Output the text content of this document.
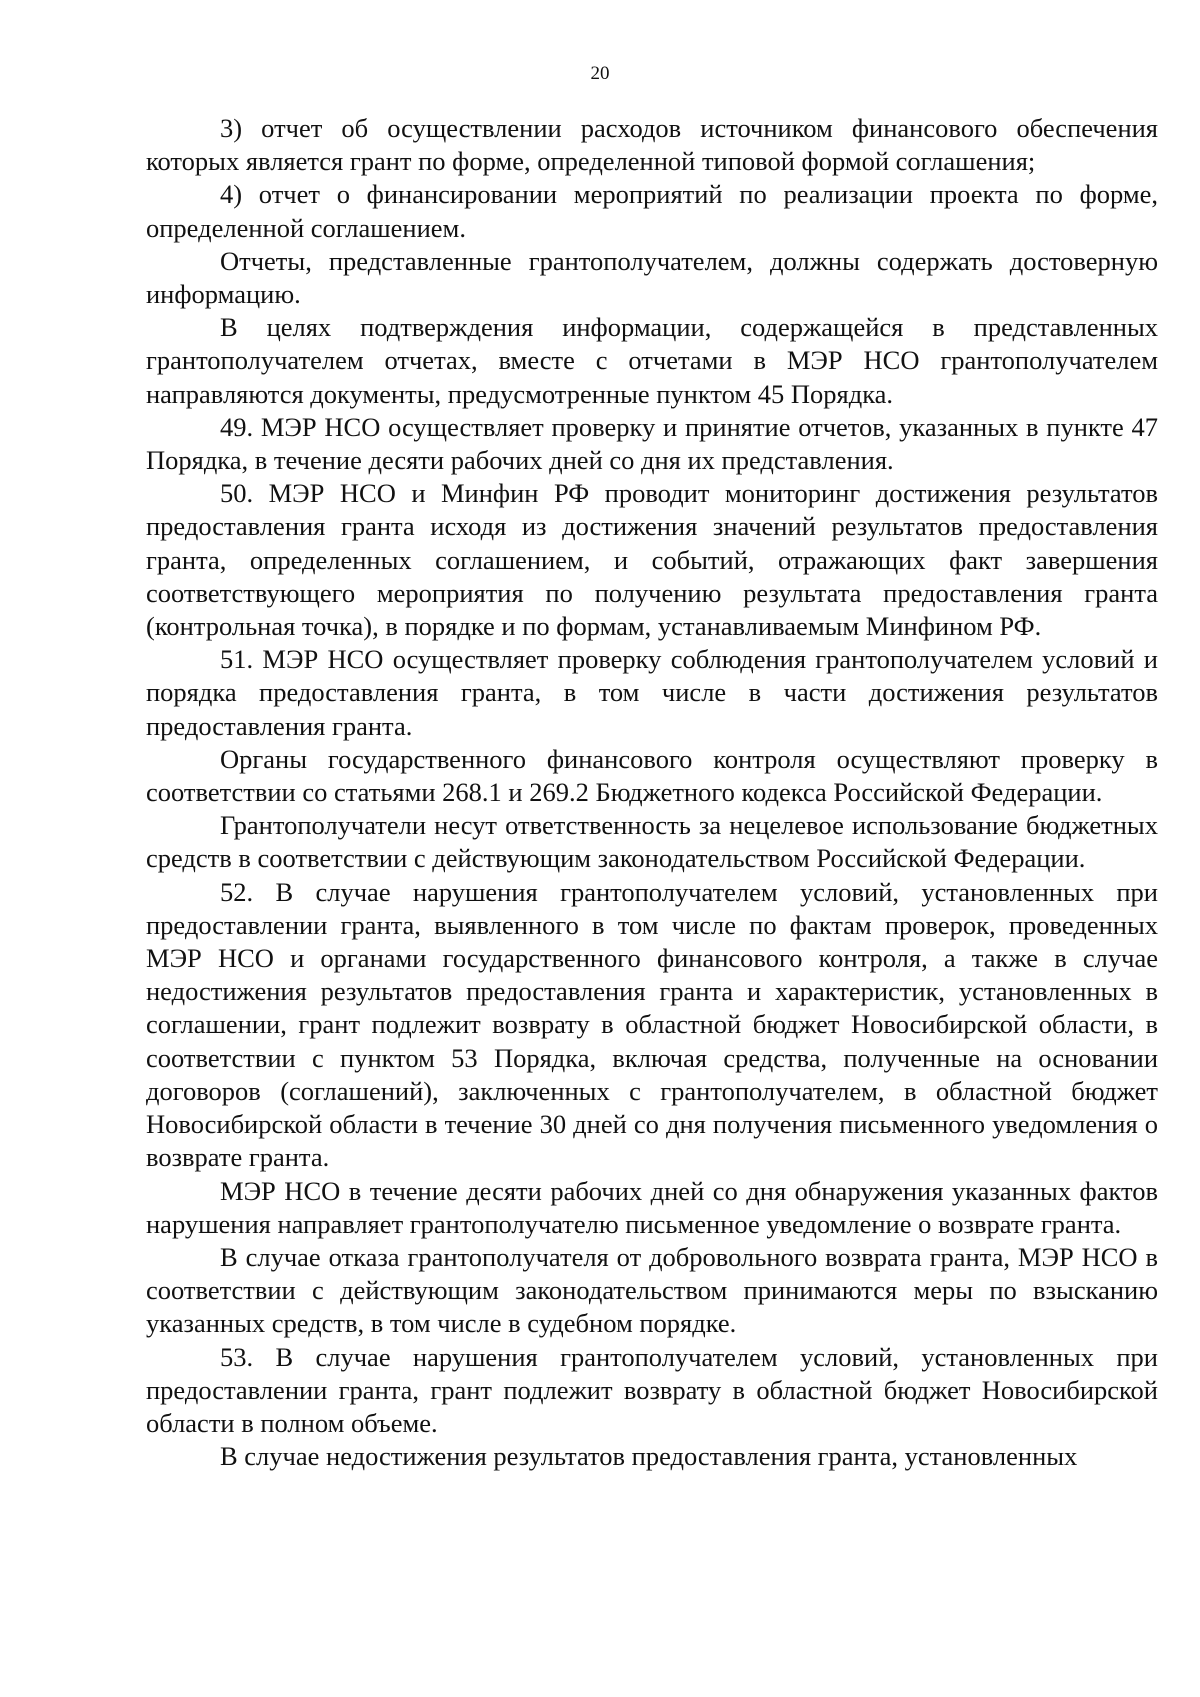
20

3) отчет об осуществлении расходов источником финансового обеспечения которых является грант по форме, определенной типовой формой соглашения;

4) отчет о финансировании мероприятий по реализации проекта по форме, определенной соглашением.

Отчеты, представленные грантополучателем, должны содержать достоверную информацию.

В целях подтверждения информации, содержащейся в представленных грантополучателем отчетах, вместе с отчетами в МЭР НСО грантополучателем направляются документы, предусмотренные пунктом 45 Порядка.

49. МЭР НСО осуществляет проверку и принятие отчетов, указанных в пункте 47 Порядка, в течение десяти рабочих дней со дня их представления.

50. МЭР НСО и Минфин РФ проводит мониторинг достижения результатов предоставления гранта исходя из достижения значений результатов предоставления гранта, определенных соглашением, и событий, отражающих факт завершения соответствующего мероприятия по получению результата предоставления гранта (контрольная точка), в порядке и по формам, устанавливаемым Минфином РФ.

51. МЭР НСО осуществляет проверку соблюдения грантополучателем условий и порядка предоставления гранта, в том числе в части достижения результатов предоставления гранта.

Органы государственного финансового контроля осуществляют проверку в соответствии со статьями 268.1 и 269.2 Бюджетного кодекса Российской Федерации.

Грантополучатели несут ответственность за нецелевое использование бюджетных средств в соответствии с действующим законодательством Российской Федерации.

52. В случае нарушения грантополучателем условий, установленных при предоставлении гранта, выявленного в том числе по фактам проверок, проведенных МЭР НСО и органами государственного финансового контроля, а также в случае недостижения результатов предоставления гранта и характеристик, установленных в соглашении, грант подлежит возврату в областной бюджет Новосибирской области, в соответствии с пунктом 53 Порядка, включая средства, полученные на основании договоров (соглашений), заключенных с грантополучателем, в областной бюджет Новосибирской области в течение 30 дней со дня получения письменного уведомления о возврате гранта.

МЭР НСО в течение десяти рабочих дней со дня обнаружения указанных фактов нарушения направляет грантополучателю письменное уведомление о возврате гранта.

В случае отказа грантополучателя от добровольного возврата гранта, МЭР НСО в соответствии с действующим законодательством принимаются меры по взысканию указанных средств, в том числе в судебном порядке.

53. В случае нарушения грантополучателем условий, установленных при предоставлении гранта, грант подлежит возврату в областной бюджет Новосибирской области в полном объеме.

В случае недостижения результатов предоставления гранта, установленных
